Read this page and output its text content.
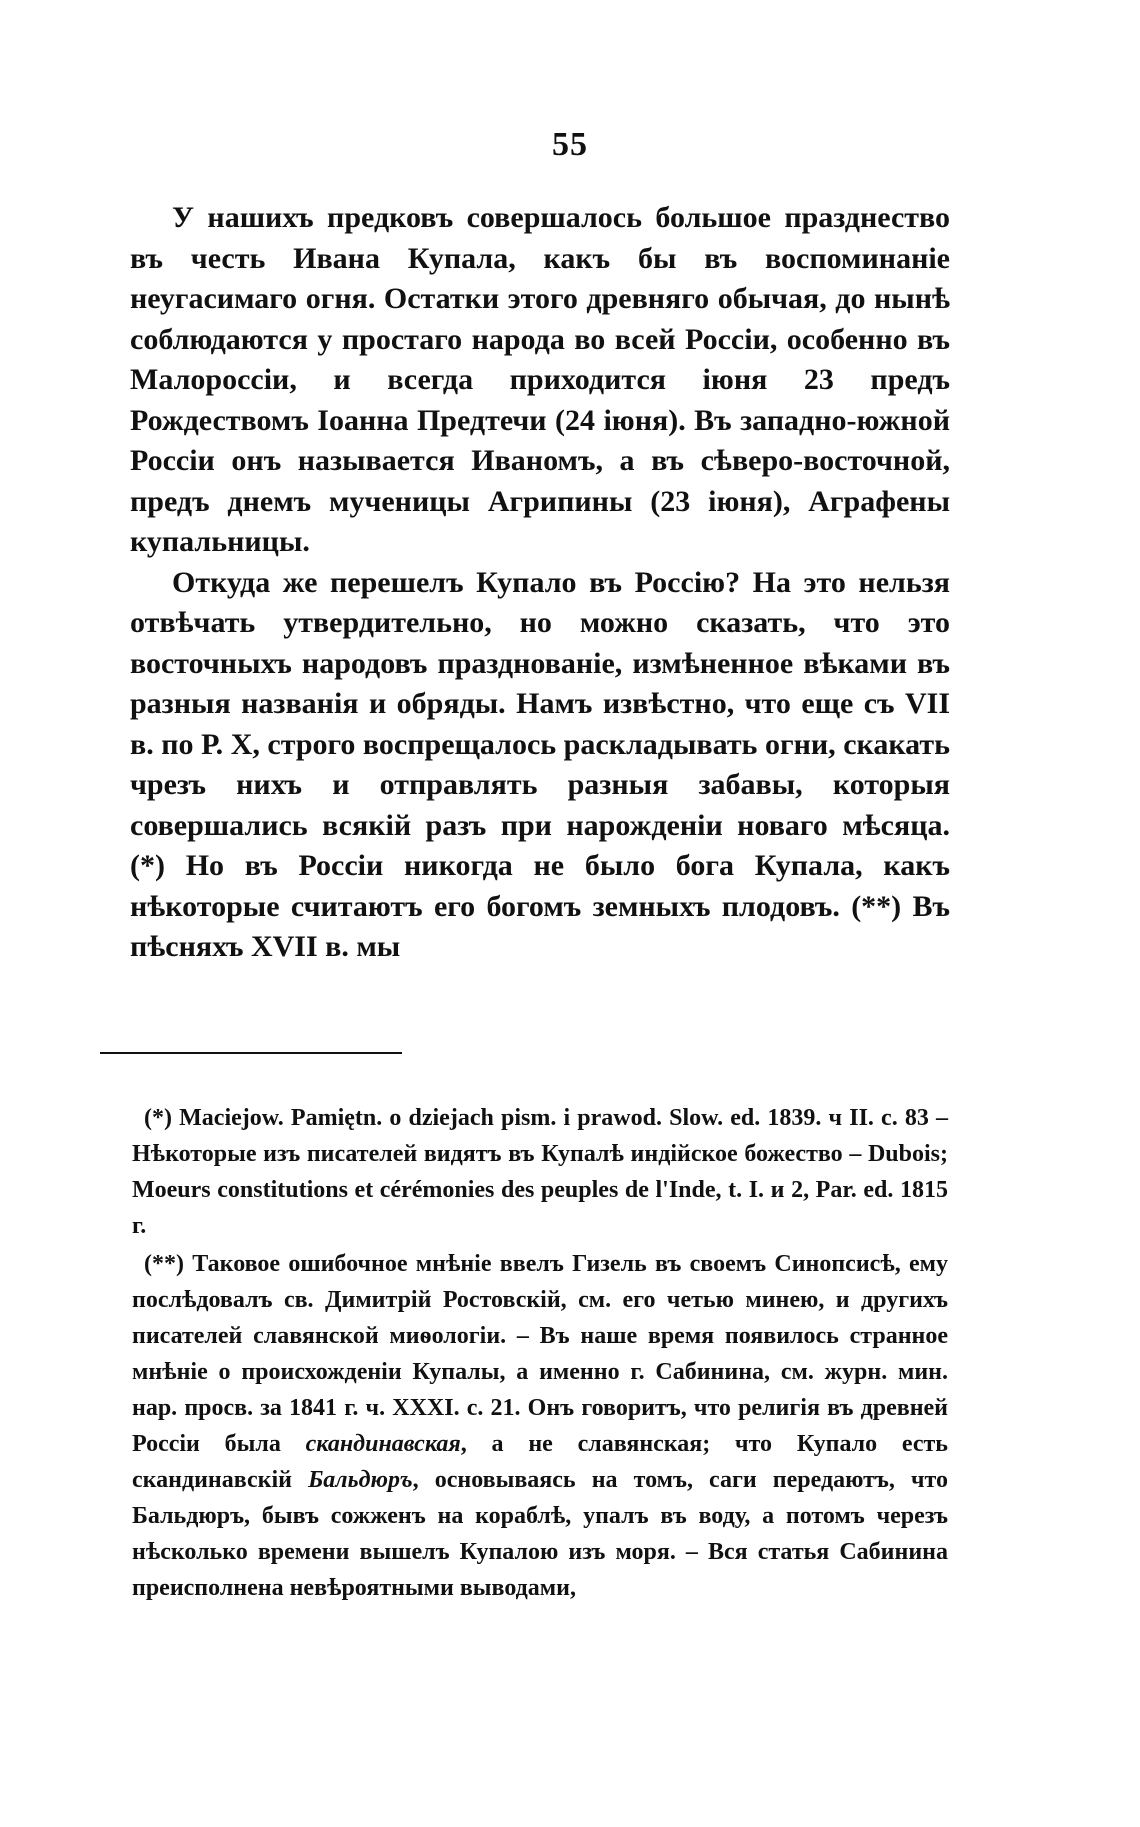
55

У нашихъ предковъ совершалось большое празднество въ честь Ивана Купала, какъ бы въ воспоминаніе неугасимаго огня. Остатки этого древняго обычая, до нынѣ соблюдаются у простаго народа во всей Россіи, особенно въ Малороссіи, и всегда приходится іюня 23 предъ Рождествомъ Іоанна Предтечи (24 іюня). Въ западно-южной Россіи онъ называется Иваномъ, а въ сѣверо-восточной, предъ днемъ мученицы Агрипины (23 іюня), Аграфены купальницы.

Откуда же перешелъ Купало въ Россію? На это нельзя отвѣчать утвердительно, но можно сказать, что это восточныхъ народовъ празднованіе, измѣненное вѣками въ разныя названія и обряды. Намъ извѣстно, что еще съ VII в. по Р. Х, строго воспрещалось раскладывать огни, скакать чрезъ нихъ и отправлять разныя забавы, которыя совершались всякій разъ при нарожденіи новаго мѣсяца. (*) Но въ Россіи никогда не было бога Купала, какъ нѣкоторые считаютъ его богомъ земныхъ плодовъ. (**) Въ пѣсняхъ XVII в. мы

(*) Maciejow. Pamiętn. o dziejach pism. i prawod. Slow. ed. 1839. ч II. с. 83 – Нѣкоторые изъ писателей видятъ въ Купалѣ индійское божество – Dubois; Moeurs constitutions et cérémonies des peuples de l'Inde, t. I. и 2, Par. ed. 1815 г.

(**) Таковое ошибочное мнѣніе ввелъ Гизель въ своемъ Синопсисѣ, ему послѣдовалъ св. Димитрій Ростовскій, см. его четью минею, и другихъ писателей славянской миѳологіи. – Въ наше время появилось странное мнѣніе о происхожденіи Купалы, а именно г. Сабинина, см. журн. мин. нар. просв. за 1841 г. ч. XXXI. с. 21. Онъ говоритъ, что религія въ древней Россіи была скандинавская, а не славянская; что Купало есть скандинавскій Бальдюръ, основываясь на томъ, саги передаютъ, что Бальдюръ, бывъ сожженъ на кораблѣ, упалъ въ воду, а потомъ черезъ нѣсколько времени вышелъ Купалою изъ моря. – Вся статья Сабинина преисполнена невѣроятными выводами,
